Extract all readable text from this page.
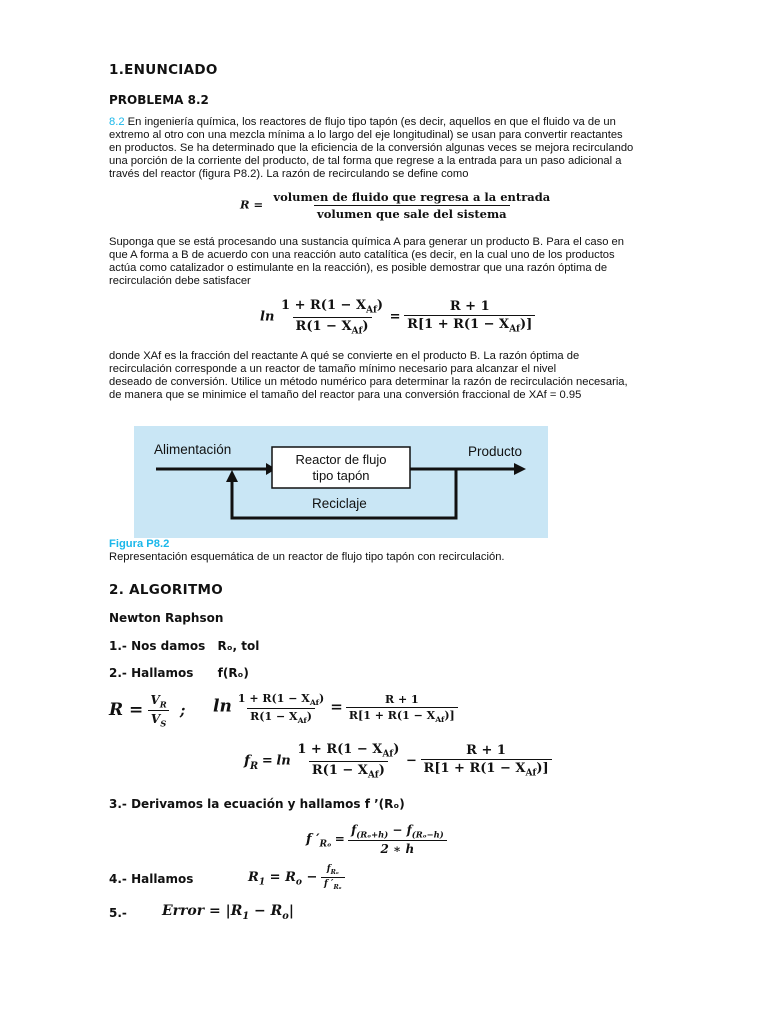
1.ENUNCIADO
PROBLEMA 8.2
8.2 En ingeniería química, los reactores de flujo tipo tapón (es decir, aquellos en que el fluido va de un
extremo al otro con una mezcla mínima a lo largo del eje longitudinal) se usan para convertir reactantes
en productos. Se ha determinado que la eficiencia de la conversión algunas veces se mejora recirculando
una porción de la corriente del producto, de tal forma que regrese a la entrada para un paso adicional a
través del reactor (figura P8.2). La razón de recirculando se define como
$R = \frac{\text{volumen de fluido que regresa a la entrada}}{\text{volumen que sale del sistema}}$
Suponga que se está procesando una sustancia química A para generar un producto B. Para el caso en
que A forma a B de acuerdo con una reacción auto catalítica (es decir, en la cual uno de los productos
actúa como catalizador o estimulante en la reacción), es posible demostrar que una razón óptima de
recirculación debe satisfacer
$\ln \frac{1 + R(1 - X_{Af})}{R(1 - X_{Af})} = \frac{R + 1}{R[1 + R(1 - X_{Af})]}$
donde XAf es la fracción del reactante A qué se convierte en el producto B. La razón óptima de
recirculación corresponde a un reactor de tamaño mínimo necesario para alcanzar el nivel
deseado de conversión. Utilice un método numérico para determinar la razón de recirculación necesaria,
de manera que se minimice el tamaño del reactor para una conversión fraccional de XAf = 0.95
Alimentación
Reactor de flujo
tipo tapón
Producto
Reciclaje
Figura P8.2
Representación esquemática de un reactor de flujo tipo tapón con recirculación.
2. ALGORITMO
Newton Raphson
1.- Nos damos Rₒ, tol
2.- Hallamos f(Rₒ)
$R = \frac{V_R}{V_S}$ ; $\ln \frac{1 + R(1 - X_{Af})}{R(1 - X_{Af})} = \frac{R + 1}{R[1 + R(1 - X_{Af})]}$
$f_R = \ln \frac{1 + R(1 - X_{Af})}{R(1 - X_{Af})} - \frac{R + 1}{R[1 + R(1 - X_{Af})]}$
3.- Derivamos la ecuación y hallamos f ’(Rₒ)
f $'_{R_o} = \frac{f_{(R_o+h)} - f_{(R_o-h)}}{2 ∗ h}$
4.- Hallamos	$R_1 = R_o - \frac{f_{R_o}}{f '_{R_o}}$
5.-	Error = $|R_1 - R_o|$
